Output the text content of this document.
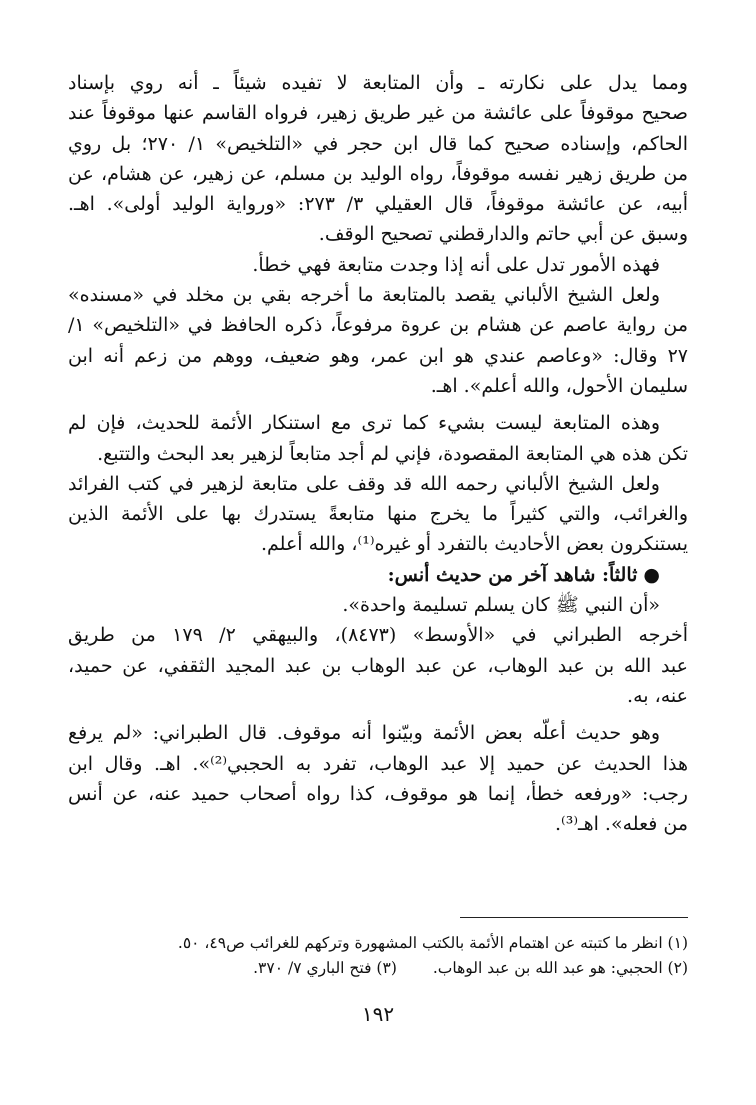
ومما يدل على نكارته ـ وأن المتابعة لا تفيده شيئاً ـ أنه روي بإسناد
صحيح موقوفاً على عائشة من غير طريق زهير، فرواه القاسم عنها موقوفاً عند
الحاكم، وإسناده صحيح كما قال ابن حجر في «التلخيص» ١/ ٢٧٠؛ بل روي
من طريق زهير نفسه موقوفاً، رواه الوليد بن مسلم، عن زهير، عن هشام، عن
أبيه، عن عائشة موقوفاً، قال العقيلي ٣/ ٢٧٣: «ورواية الوليد أولى». اهـ.
وسبق عن أبي حاتم والدارقطني تصحيح الوقف.
فهذه الأمور تدل على أنه إذا وجدت متابعة فهي خطأ.
ولعل الشيخ الألباني يقصد بالمتابعة ما أخرجه بقي بن مخلد في «مسنده»
من رواية عاصم عن هشام بن عروة مرفوعاً، ذكره الحافظ في «التلخيص» ١/
٢٧ وقال: «وعاصم عندي هو ابن عمر، وهو ضعيف، ووهم من زعم أنه ابن
سليمان الأحول، والله أعلم». اهـ.
وهذه المتابعة ليست بشيء كما ترى مع استنكار الأئمة للحديث، فإن لم
تكن هذه هي المتابعة المقصودة، فإني لم أجد متابعاً لزهير بعد البحث والتتبع.
ولعل الشيخ الألباني رحمه الله قد وقف على متابعة لزهير في كتب الفرائد
والغرائب، والتي كثيراً ما يخرج منها متابعةً يستدرك بها على الأئمة الذين
يستنكرون بعض الأحاديث بالتفرد أو غيره⁽¹⁾، والله أعلم.
●ثالثاً: شاهد آخر من حديث أنس:
«أن النبي ﷺ كان يسلم تسليمة واحدة».
أخرجه الطبراني في «الأوسط» (٨٤٧٣)، والبيهقي ٢/ ١٧٩ من طريق
عبد الله بن عبد الوهاب، عن عبد الوهاب بن عبد المجيد الثقفي، عن حميد،
عنه، به.
وهو حديث أعلّه بعض الأئمة وبيّنوا أنه موقوف. قال الطبراني: «لم يرفع
هذا الحديث عن حميد إلا عبد الوهاب، تفرد به الحجبي⁽²⁾». اهـ. وقال ابن
رجب: «ورفعه خطأ، إنما هو موقوف، كذا رواه أصحاب حميد عنه، عن أنس
من فعله». اهـ⁽³⁾.
(١) انظر ما كتبته عن اهتمام الأئمة بالكتب المشهورة وتركهم للغرائب ص٤٩، ٥٠.
(٢) الحجبي: هو عبد الله بن عبد الوهاب.(٣) فتح الباري ٧/ ٣٧٠.
١٩٢
